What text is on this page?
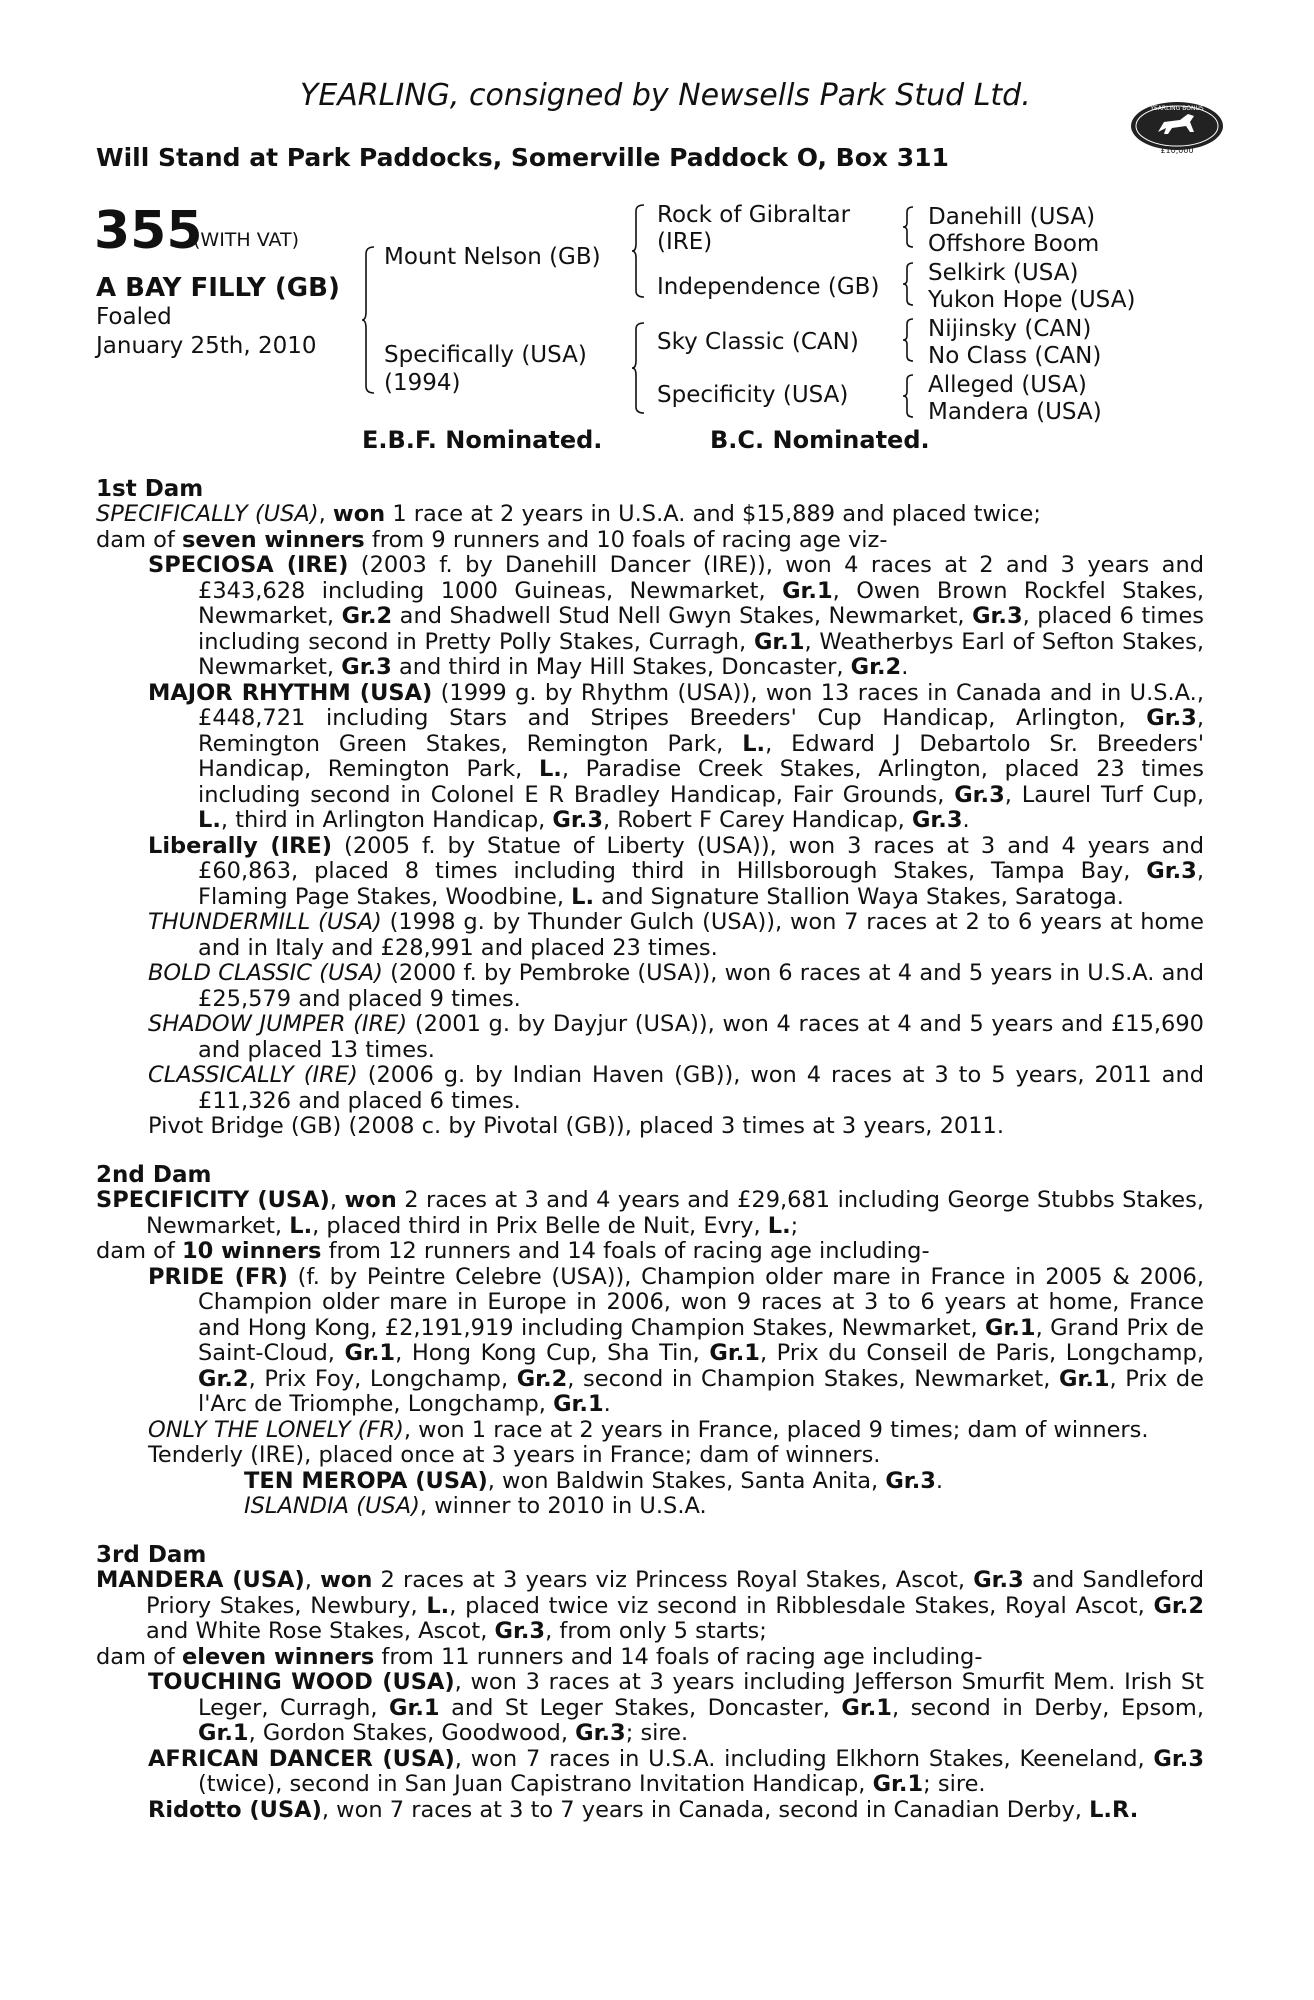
YEARLING, consigned by Newsells Park Stud Ltd.
Will Stand at Park Paddocks, Somerville Paddock O, Box 311
YEARLING BONUS
£10,000
355
(WITH VAT)
A BAY FILLY (GB)
Foaled
January 25th, 2010
Mount Nelson (GB)
Specifically (USA)
(1994)
Rock of Gibraltar
(IRE)
Independence (GB)
Sky Classic (CAN)
Specificity (USA)
Danehill (USA)
Offshore Boom
Selkirk (USA)
Yukon Hope (USA)
Nijinsky (CAN)
No Class (CAN)
Alleged (USA)
Mandera (USA)
E.B.F. Nominated.	B.C. Nominated.
1st Dam

SPECIFICALLY (USA), won 1 race at 2 years in U.S.A. and $15,889 and placed twice;

dam of seven winners from 9 runners and 10 foals of racing age viz-

SPECIOSA (IRE) (2003 f. by Danehill Dancer (IRE)), won 4 races at 2 and 3 years and £343,628 including 1000 Guineas, Newmarket, Gr.1, Owen Brown Rockfel Stakes, Newmarket, Gr.2 and Shadwell Stud Nell Gwyn Stakes, Newmarket, Gr.3, placed 6 times including second in Pretty Polly Stakes, Curragh, Gr.1, Weatherbys Earl of Sefton Stakes, Newmarket, Gr.3 and third in May Hill Stakes, Doncaster, Gr.2.

MAJOR RHYTHM (USA) (1999 g. by Rhythm (USA)), won 13 races in Canada and in U.S.A., £448,721 including Stars and Stripes Breeders' Cup Handicap, Arlington, Gr.3, Remington Green Stakes, Remington Park, L., Edward J Debartolo Sr. Breeders' Handicap, Remington Park, L., Paradise Creek Stakes, Arlington, placed 23 times including second in Colonel E R Bradley Handicap, Fair Grounds, Gr.3, Laurel Turf Cup, L., third in Arlington Handicap, Gr.3, Robert F Carey Handicap, Gr.3.

Liberally (IRE) (2005 f. by Statue of Liberty (USA)), won 3 races at 3 and 4 years and £60,863, placed 8 times including third in Hillsborough Stakes, Tampa Bay, Gr.3, Flaming Page Stakes, Woodbine, L. and Signature Stallion Waya Stakes, Saratoga.

THUNDERMILL (USA) (1998 g. by Thunder Gulch (USA)), won 7 races at 2 to 6 years at home and in Italy and £28,991 and placed 23 times.

BOLD CLASSIC (USA) (2000 f. by Pembroke (USA)), won 6 races at 4 and 5 years in U.S.A. and £25,579 and placed 9 times.

SHADOW JUMPER (IRE) (2001 g. by Dayjur (USA)), won 4 races at 4 and 5 years and £15,690 and placed 13 times.

CLASSICALLY (IRE) (2006 g. by Indian Haven (GB)), won 4 races at 3 to 5 years, 2011 and £11,326 and placed 6 times.

Pivot Bridge (GB) (2008 c. by Pivotal (GB)), placed 3 times at 3 years, 2011.

2nd Dam

SPECIFICITY (USA), won 2 races at 3 and 4 years and £29,681 including George Stubbs Stakes, Newmarket, L., placed third in Prix Belle de Nuit, Evry, L.;

dam of 10 winners from 12 runners and 14 foals of racing age including-

PRIDE (FR) (f. by Peintre Celebre (USA)), Champion older mare in France in 2005 & 2006, Champion older mare in Europe in 2006, won 9 races at 3 to 6 years at home, France and Hong Kong, £2,191,919 including Champion Stakes, Newmarket, Gr.1, Grand Prix de Saint-Cloud, Gr.1, Hong Kong Cup, Sha Tin, Gr.1, Prix du Conseil de Paris, Longchamp, Gr.2, Prix Foy, Longchamp, Gr.2, second in Champion Stakes, Newmarket, Gr.1, Prix de l'Arc de Triomphe, Longchamp, Gr.1.

ONLY THE LONELY (FR), won 1 race at 2 years in France, placed 9 times; dam of winners.

Tenderly (IRE), placed once at 3 years in France; dam of winners.

TEN MEROPA (USA), won Baldwin Stakes, Santa Anita, Gr.3.

ISLANDIA (USA), winner to 2010 in U.S.A.

3rd Dam

MANDERA (USA), won 2 races at 3 years viz Princess Royal Stakes, Ascot, Gr.3 and Sandleford Priory Stakes, Newbury, L., placed twice viz second in Ribblesdale Stakes, Royal Ascot, Gr.2 and White Rose Stakes, Ascot, Gr.3, from only 5 starts;

dam of eleven winners from 11 runners and 14 foals of racing age including-

TOUCHING WOOD (USA), won 3 races at 3 years including Jefferson Smurfit Mem. Irish St Leger, Curragh, Gr.1 and St Leger Stakes, Doncaster, Gr.1, second in Derby, Epsom, Gr.1, Gordon Stakes, Goodwood, Gr.3; sire.

AFRICAN DANCER (USA), won 7 races in U.S.A. including Elkhorn Stakes, Keeneland, Gr.3 (twice), second in San Juan Capistrano Invitation Handicap, Gr.1; sire.

Ridotto (USA), won 7 races at 3 to 7 years in Canada, second in Canadian Derby, L.R.
